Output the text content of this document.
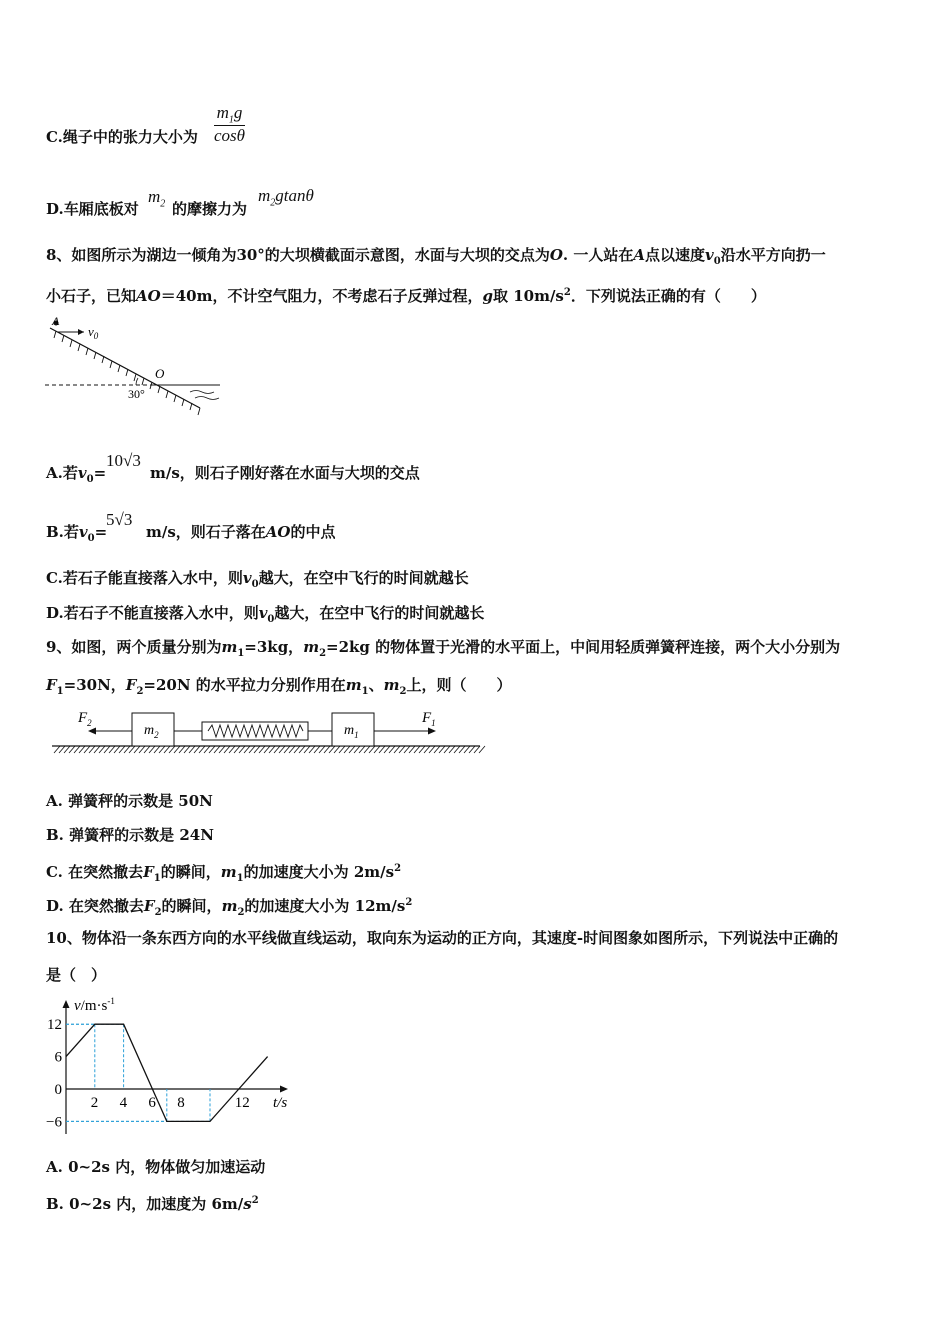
C.绳子中的张力大小为 $\frac{m_1g}{\cos\theta}$
D.车厢底板对
$m_2$ 的摩擦力为
$m_2gtan\theta$
8、如图所示为湖边一倾角为30°的大坝横截面示意图，水面与大坝的交点为O. 一人站在A点以速度$v_0$沿水平方向扔一
小石子，已知AO＝40m，不计空气阻力，不考虑石子反弹过程，g取 $10m/s^2$．下列说法正确的有（　　）
A
$v_0$
O
30°
A.若$v_0=$
10√3
m/s，则石子刚好落在水面与大坝的交点
B.若$v_0=$
5√3
m/s，则石子落在AO的中点
C.若石子能直接落入水中，则$v_0$越大，在空中飞行的时间就越长
D.若石子不能直接落入水中，则$v_0$越大，在空中飞行的时间就越长
9、如图，两个质量分别为$m_1=3kg$，$m_2=2kg$ 的物体置于光滑的水平面上，中间用轻质弹簧秤连接，两个大小分别为
$F_1=30N$，$F_2=20N$ 的水平拉力分别作用在$m_1$、$m_2$上，则（　　）
$F_2$	$m_2$	$m_1$
$F_1$
A. 弹簧秤的示数是 50N
B. 弹簧秤的示数是 24N
C. 在突然撤去$F_1$的瞬间，$m_1$的加速度大小为 $2m/s^2$
D. 在突然撤去$F_2$的瞬间，$m_2$的加速度大小为 $12m/s^2$
10、物体沿一条东西方向的水平线做直线运动，取向东为运动的正方向，其速度-时间图象如图所示，下列说法中正确的
是（　）
$v/m\cdot s^{-1}$
t/s
2 4 6 8	12
12
6
0
−6
A. 0~2s 内，物体做匀加速运动
B. 0~2s 内，加速度为 $6m/s^2$
